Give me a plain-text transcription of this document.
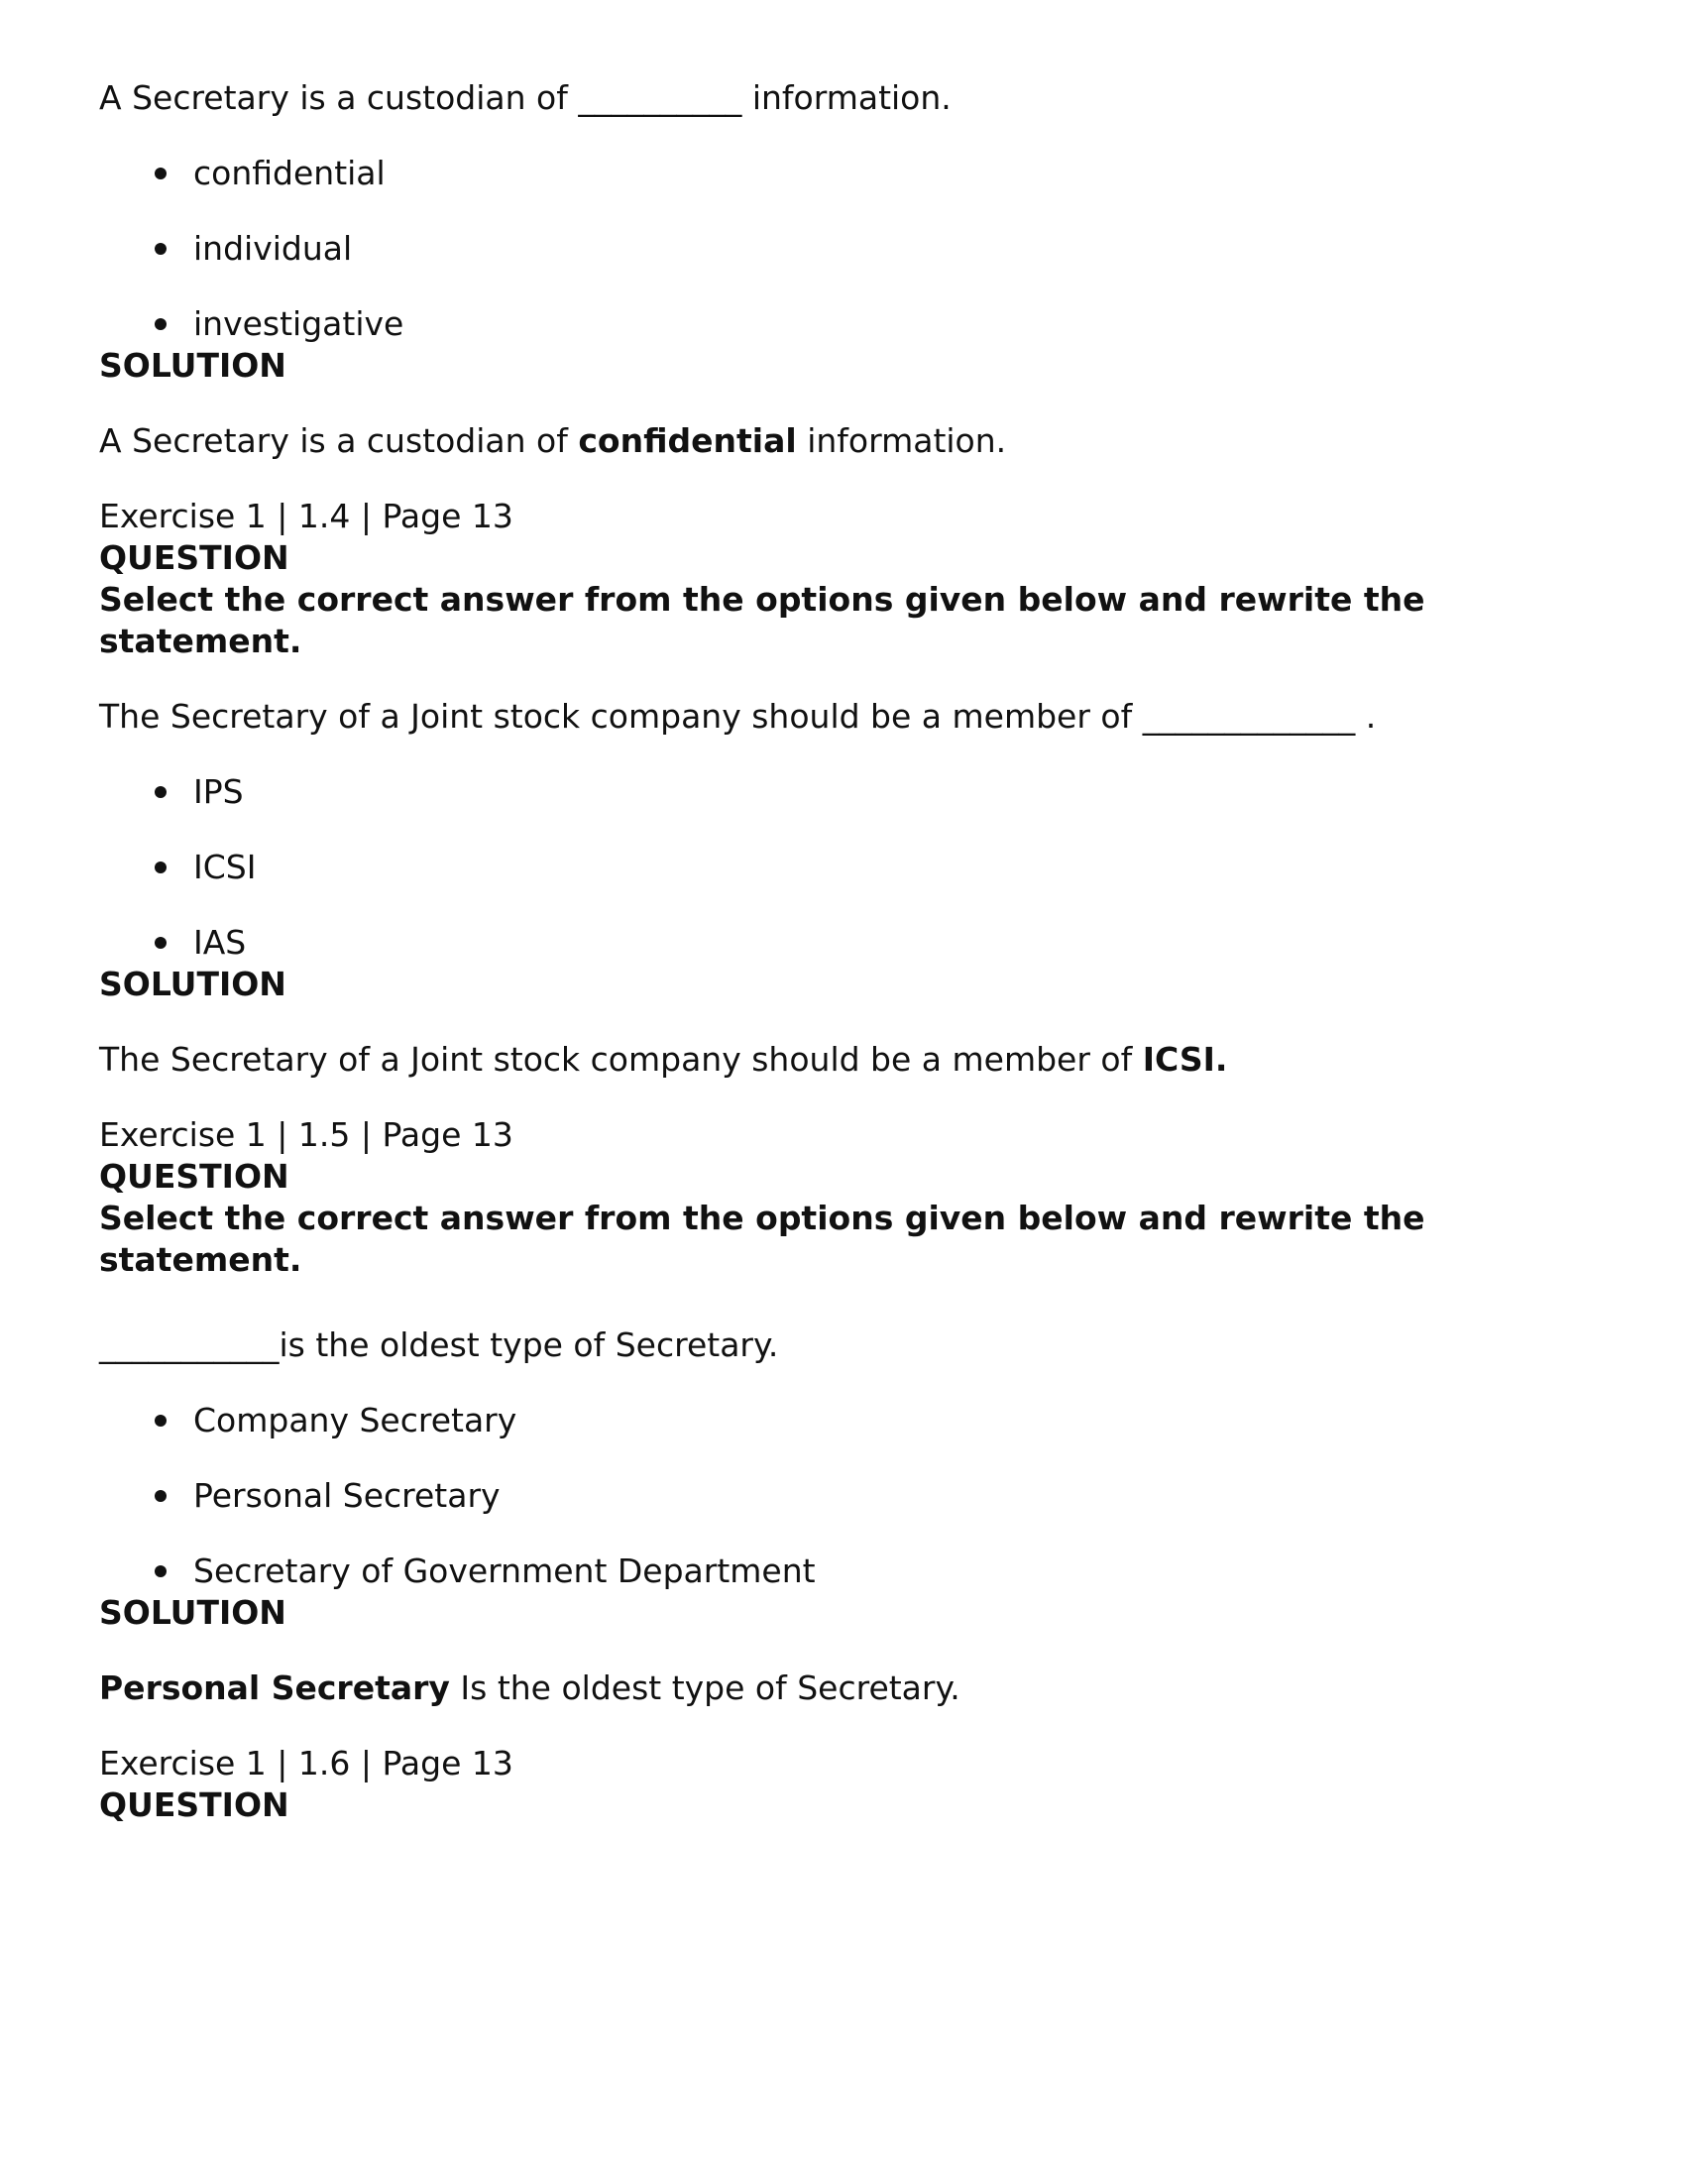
A Secretary is a custodian of __________ information.

confidential
individual
investigative

SOLUTION

A Secretary is a custodian of confidential information.

Exercise 1 | 1.4 | Page 13

QUESTION

Select the correct answer from the options given below and rewrite the statement.

The Secretary of a Joint stock company should be a member of _____________ .

IPS
ICSI
IAS

SOLUTION

The Secretary of a Joint stock company should be a member of ICSI.

Exercise 1 | 1.5 | Page 13

QUESTION

Select the correct answer from the options given below and rewrite the statement.

___________is the oldest type of Secretary.

Company Secretary
Personal Secretary
Secretary of Government Department

SOLUTION

Personal Secretary Is the oldest type of Secretary.

Exercise 1 | 1.6 | Page 13

QUESTION
